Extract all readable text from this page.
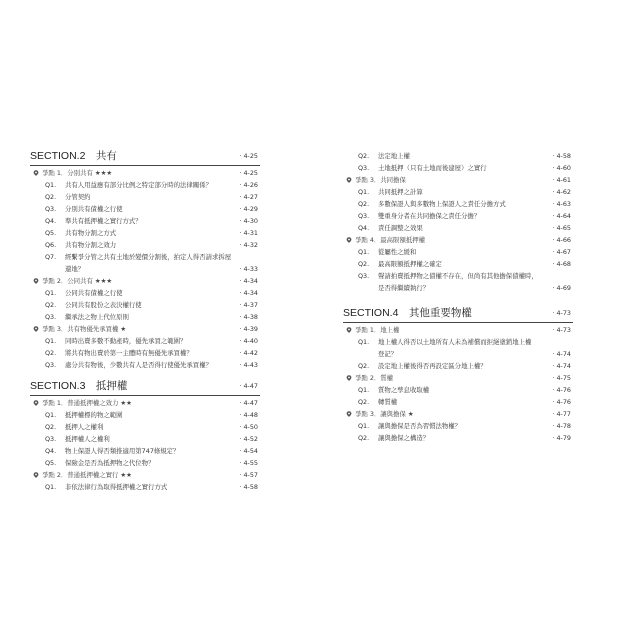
SECTION.2　共有	· 4-25
爭點 1．分別共有 ★★★	· 4-25
Q1. 共有人用益應有部分比例之特定部分時的法律關係？	· 4-26
Q2. 分管契約	· 4-27
Q3. 分別共有債權之行使	· 4-29
Q4. 準共有抵押權之實行方式？	· 4-30
Q5. 共有物分割之方式	· 4-31
Q6. 共有物分割之效力	· 4-32
Q7. 經繫爭分管之共有土地於變價分割後，拍定人得否請求拆屋
還地？	· 4-33
爭點 2．公同共有 ★★★	· 4-34
Q1. 公同共有債權之行使	· 4-34
Q2. 公同共有股份之表決權行使	· 4-37
Q3. 繼承法之物上代位原則	· 4-38
爭點 3．共有物優先承買權 ★	· 4-39
Q1. 同時出賣多數不動產時，優先承買之範圍？	· 4-40
Q2. 將共有物出賣於第一主體時有無優先承買權？	· 4-42
Q3. 處分共有物後，少數共有人是否得行使優先承買權？	· 4-43
SECTION.3　抵押權	· 4-47
爭點 1．普通抵押權之效力 ★★	· 4-47
Q1. 抵押權標的物之範圍	· 4-48
Q2. 抵押人之權利	· 4-50
Q3. 抵押權人之權利	· 4-52
Q4. 物上保證人得否類推適用第747條規定？	· 4-54
Q5. 保險金是否為抵押物之代位物？	· 4-55
爭點 2．普通抵押權之實行 ★★	· 4-57
Q1. 非依法律行為取得抵押權之實行方式	· 4-58
Q2. 法定地上權	· 4-58
Q3. 土地抵押（只有土地而後建屋）之實行	· 4-60
爭點 3．共同擔保	· 4-61
Q1. 共同抵押之計算	· 4-62
Q2. 多數保證人與多數物上保證人之責任分擔方式	· 4-63
Q3. 雙重身分者在共同擔保之責任分擔？	· 4-64
Q4. 責任調整之效果	· 4-65
爭點 4．最高限額抵押權	· 4-66
Q1. 從屬性之緩和	· 4-67
Q2. 最高限額抵押權之確定	· 4-68
Q3. 聲請拍賣抵押物之債權不存在，但尚有其他擔保債權時，
是否得繼續執行？	· 4-69
SECTION.4　其他重要物權	· 4-73
爭點 1．地上權	· 4-73
Q1. 地上權人得否以土地所有人未為補償而拒絕塗銷地上權
登記？	· 4-74
Q2. 設定地上權後得否再設定區分地上權？	· 4-74
爭點 2．質權	· 4-75
Q1. 質物之孳息收取權	· 4-76
Q2. 轉質權	· 4-76
爭點 3．讓與擔保 ★	· 4-77
Q1. 讓與擔保是否為習慣法物權？	· 4-78
Q2. 讓與擔保之構造？	· 4-79
